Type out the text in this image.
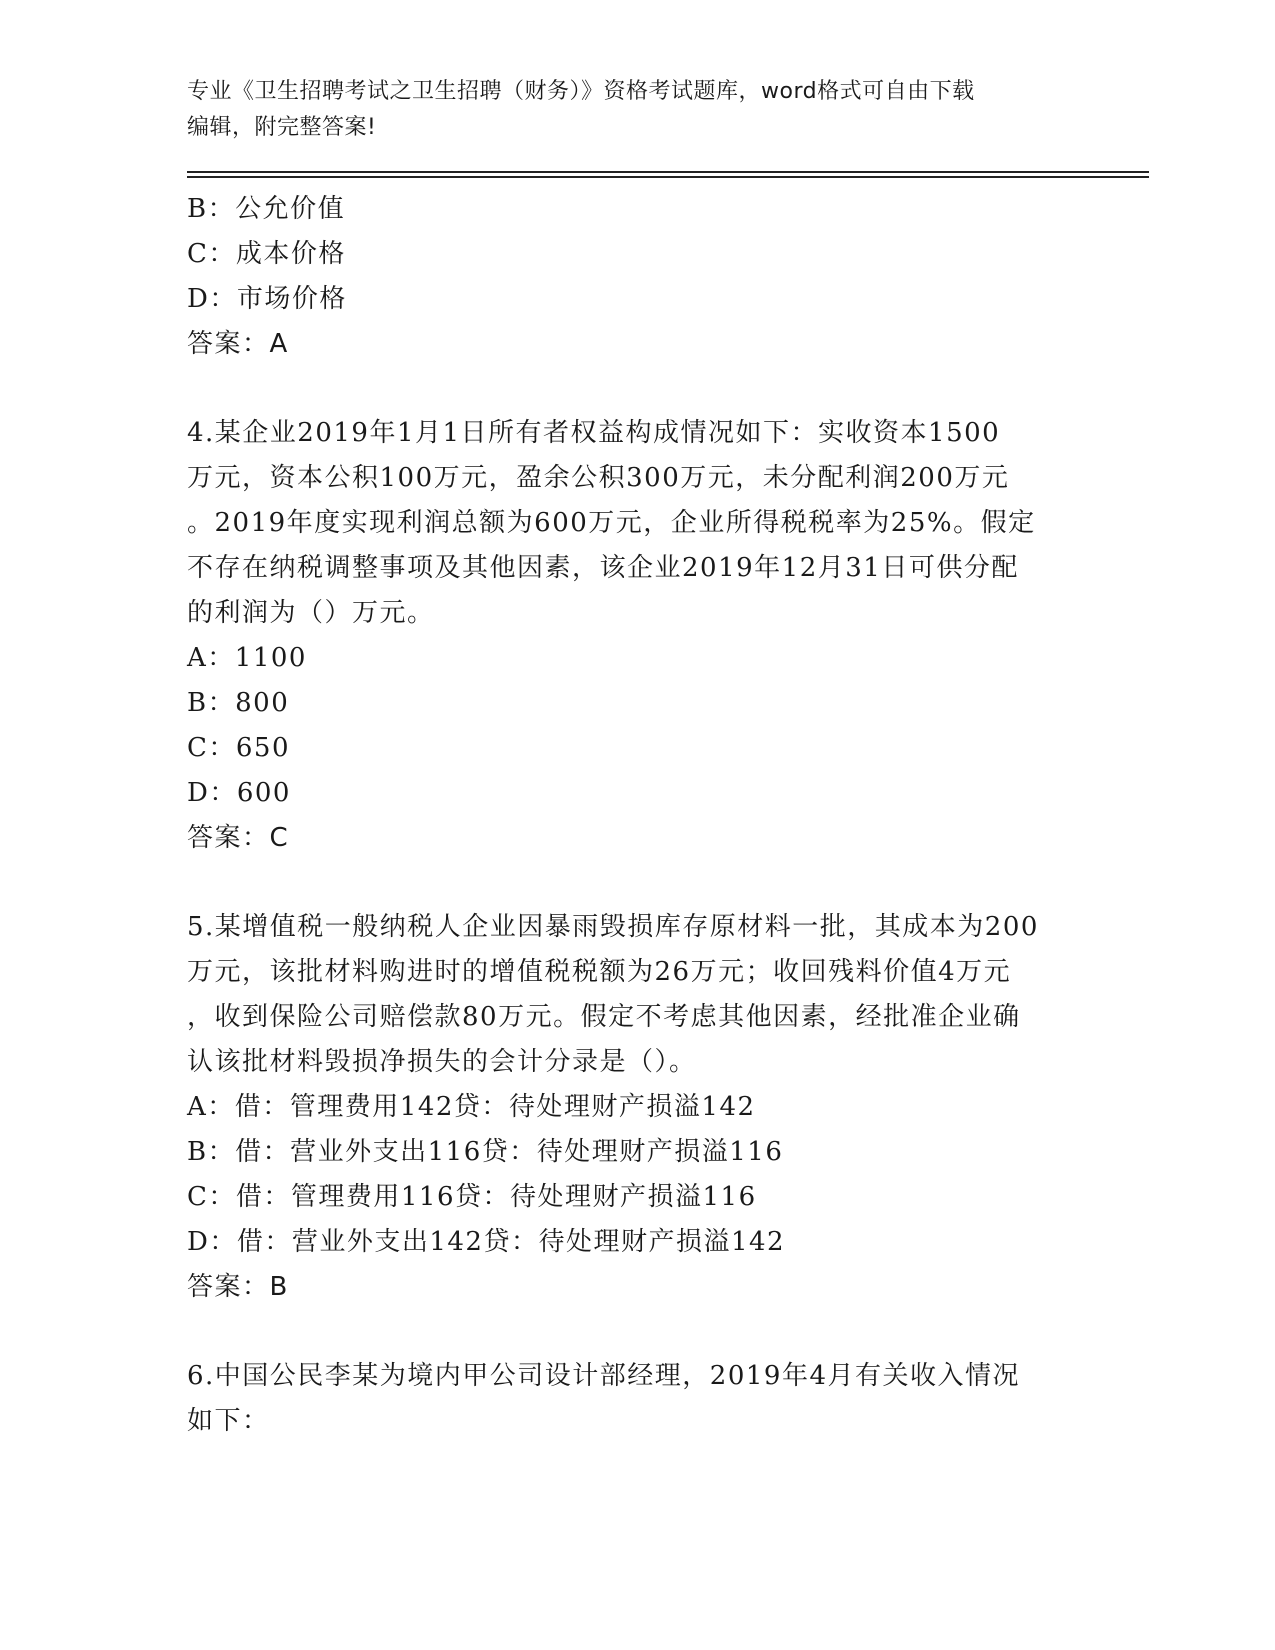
专业《卫生招聘考试之卫生招聘（财务）》资格考试题库，word格式可自由下载
编辑，附完整答案!
B：公允价值
C：成本价格
D：市场价格
答案：A
4.某企业2019年1月1日所有者权益构成情况如下：实收资本1500
万元，资本公积100万元，盈余公积300万元，未分配利润200万元
。2019年度实现利润总额为600万元，企业所得税税率为25%。假定
不存在纳税调整事项及其他因素，该企业2019年12月31日可供分配
的利润为（）万元。
A：1100
B：800
C：650
D：600
答案：C
5.某增值税一般纳税人企业因暴雨毁损库存原材料一批，其成本为200
万元，该批材料购进时的增值税税额为26万元；收回残料价值4万元
，收到保险公司赔偿款80万元。假定不考虑其他因素，经批准企业确
认该批材料毁损净损失的会计分录是（）。
A：借：管理费用142贷：待处理财产损溢142
B：借：营业外支出116贷：待处理财产损溢116
C：借：管理费用116贷：待处理财产损溢116
D：借：营业外支出142贷：待处理财产损溢142
答案：B
6.中国公民李某为境内甲公司设计部经理，2019年4月有关收入情况
如下：
